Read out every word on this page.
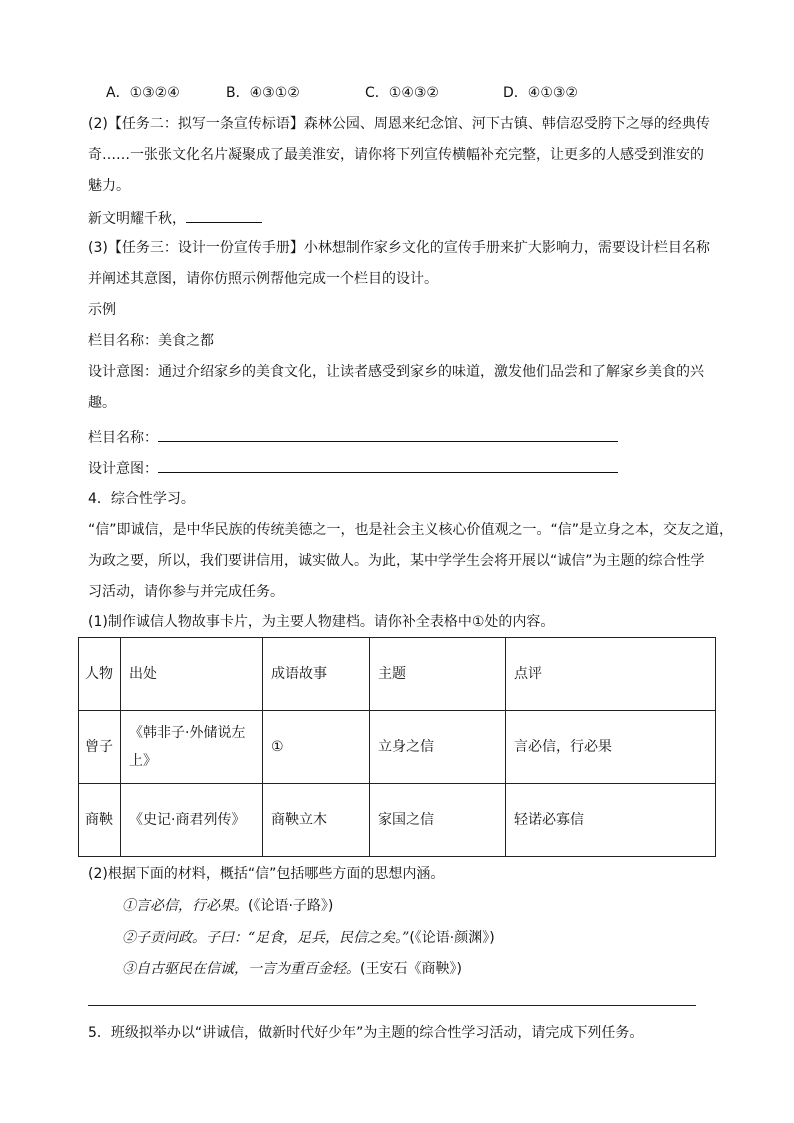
A．①③②④	B．④③①②	C．①④③②	D．④①③②
(2)【任务二：拟写一条宣传标语】森林公园、周恩来纪念馆、河下古镇、韩信忍受胯下之辱的经典传
奇……一张张文化名片凝聚成了最美淮安，请你将下列宣传横幅补充完整，让更多的人感受到淮安的
魅力。
新文明耀千秋，
(3)【任务三：设计一份宣传手册】小林想制作家乡文化的宣传手册来扩大影响力，需要设计栏目名称
并阐述其意图，请你仿照示例帮他完成一个栏目的设计。
示例
栏目名称：美食之都
设计意图：通过介绍家乡的美食文化，让读者感受到家乡的味道，激发他们品尝和了解家乡美食的兴
趣。
栏目名称：
设计意图：
4．综合性学习。
“信”即诚信，是中华民族的传统美德之一，也是社会主义核心价值观之一。“信”是立身之本，交友之道，
为政之要，所以，我们要讲信用，诚实做人。为此，某中学学生会将开展以“诚信”为主题的综合性学
习活动，请你参与并完成任务。
(1)制作诚信人物故事卡片，为主要人物建档。请你补全表格中①处的内容。
人物	出处	成语故事	主题	点评
曾子	《韩非子·外储说左上》	①	立身之信	言必信，行必果
商鞅	《史记·商君列传》	商鞅立木	家国之信	轻诺必寡信
(2)根据下面的材料，概括“信”包括哪些方面的思想内涵。
①言必信，行必果。(《论语·子路》)
②子贡问政。子曰：“足食，足兵，民信之矣。”(《论语·颜渊》)
③自古驱民在信诚，一言为重百金轻。(王安石《商鞅》)
5．班级拟举办以“讲诚信，做新时代好少年”为主题的综合性学习活动，请完成下列任务。
